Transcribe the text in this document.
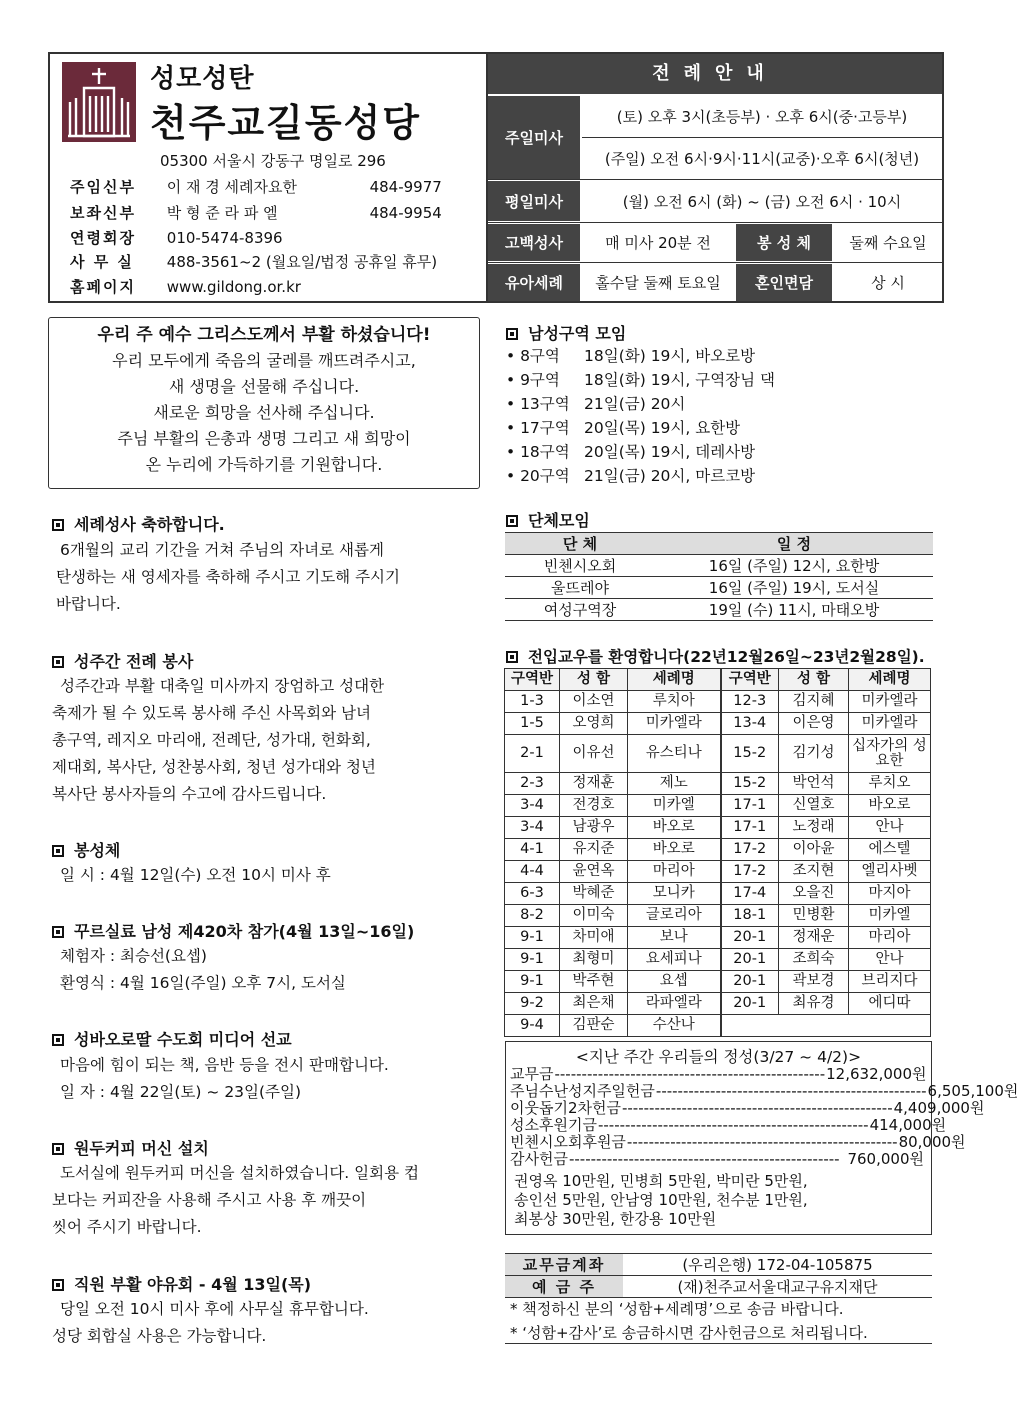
성모성탄
천주교길동성당
05300 서울시 강동구 명일로 296
주임신부 이 재 경 세례자요한	484-9977
보좌신부 박 형 준 라 파 엘	484-9954
연령회장 010-5474-8396
사 무 실 488-3561~2 (월요일/법정 공휴일 휴무)
홈페이지 www.gildong.or.kr
전례안내
주일미사
(토) 오후 3시(초등부) · 오후 6시(중·고등부)
(주일) 오전 6시·9시·11시(교중)·오후 6시(청년)
평일미사	(월) 오전 6시 (화) ~ (금) 오전 6시 · 10시
고백성사	매 미사 20분 전	봉 성 체	둘째 수요일
유아세례	홀수달 둘째 토요일	혼인면담	상 시
우리 주 예수 그리스도께서 부활 하셨습니다!
우리 모두에게 죽음의 굴레를 깨뜨려주시고,
새 생명을 선물해 주십니다.
새로운 희망을 선사해 주십니다.
주님 부활의 은총과 생명 그리고 새 희망이
온 누리에 가득하기를 기원합니다.
세례성사 축하합니다.
6개월의 교리 기간을 거쳐 주님의 자녀로 새롭게
탄생하는 새 영세자를 축하해 주시고 기도해 주시기
바랍니다.
성주간 전례 봉사
성주간과 부활 대축일 미사까지 장엄하고 성대한
축제가 될 수 있도록 봉사해 주신 사목회와 남녀
총구역, 레지오 마리애, 전례단, 성가대, 헌화회,
제대회, 복사단, 성찬봉사회, 청년 성가대와 청년
복사단 봉사자들의 수고에 감사드립니다.
봉성체
일 시 : 4월 12일(수) 오전 10시 미사 후
꾸르실료 남성 제420차 참가(4월 13일~16일)
체험자 : 최승선(요셉)
환영식 : 4월 16일(주일) 오후 7시, 도서실
성바오로딸 수도회 미디어 선교
마음에 힘이 되는 책, 음반 등을 전시 판매합니다.
일 자 : 4월 22일(토) ~ 23일(주일)
원두커피 머신 설치
도서실에 원두커피 머신을 설치하였습니다. 일회용 컵
보다는 커피잔을 사용해 주시고 사용 후 깨끗이
씻어 주시기 바랍니다.
직원 부활 야유회 - 4월 13일(목)
당일 오전 10시 미사 후에 사무실 휴무합니다.
성당 회합실 사용은 가능합니다.
남성구역 모임
• 8구역 18일(화) 19시, 바오로방
• 9구역 18일(화) 19시, 구역장님 댁
• 13구역 21일(금) 20시
• 17구역 20일(목) 19시, 요한방
• 18구역 20일(목) 19시, 데레사방
• 20구역 21일(금) 20시, 마르코방
단체모임
단 체	일 정
빈첸시오회	16일 (주일) 12시, 요한방
울뜨레야	16일 (주일) 19시, 도서실
여성구역장	19일 (수) 11시, 마태오방
전입교우를 환영합니다(22년12월26일~23년2월28일).
구역반	성 함	세례명	구역반	성 함	세례명
1-3	이소연	루치아	12-3	김지혜	미카엘라
1-5	오영희	미카엘라	13-4	이은영	미카엘라
2-1	이유선	유스티나	15-2	김기성	십자가의 성요한
2-3	정재훈	제노	15-2	박언석	루치오
3-4	전경호	미카엘	17-1	신열호	바오로
3-4	남광우	바오로	17-1	노정래	안나
4-1	유지준	바오로	17-2	이아윤	에스텔
4-4	윤연옥	마리아	17-2	조지현	엘리사벳
6-3	박혜준	모니카	17-4	오을진	마지아
8-2	이미숙	글로리아	18-1	민병환	미카엘
9-1	차미애	보나	20-1	정재운	마리아
9-1	최형미	요세피나	20-1	조희숙	안나
9-1	박주현	요셉	20-1	곽보경	브리지다
9-2	최은채	라파엘라	20-1	최유경	에디따
9-4	김판순	수산나			
<지난 주간 우리들의 정성(3/27 ~ 4/2)>
교무금 -------------------------------------------------- 12,632,000원
주님수난성지주일헌금 -------------------------------------------------- 6,505,100원
이웃돕기2차헌금 -------------------------------------------------- 4,409,000원
성소후원기금 -------------------------------------------------- 414,000원
빈첸시오회후원금 -------------------------------------------------- 80,000원
감사헌금 -------------------------------------------------- 760,000원
권영옥 10만원, 민병희 5만원, 박미란 5만원,
송인선 5만원, 안남영 10만원, 천수분 1만원,
최봉상 30만원, 한강용 10만원
교무금계좌	(우리은행) 172-04-105875
예 금 주	(재)천주교서울대교구유지재단
* 책정하신 분의 ‘성함+세례명’으로 송금 바랍니다.
* ‘성함+감사’로 송금하시면 감사헌금으로 처리됩니다.
